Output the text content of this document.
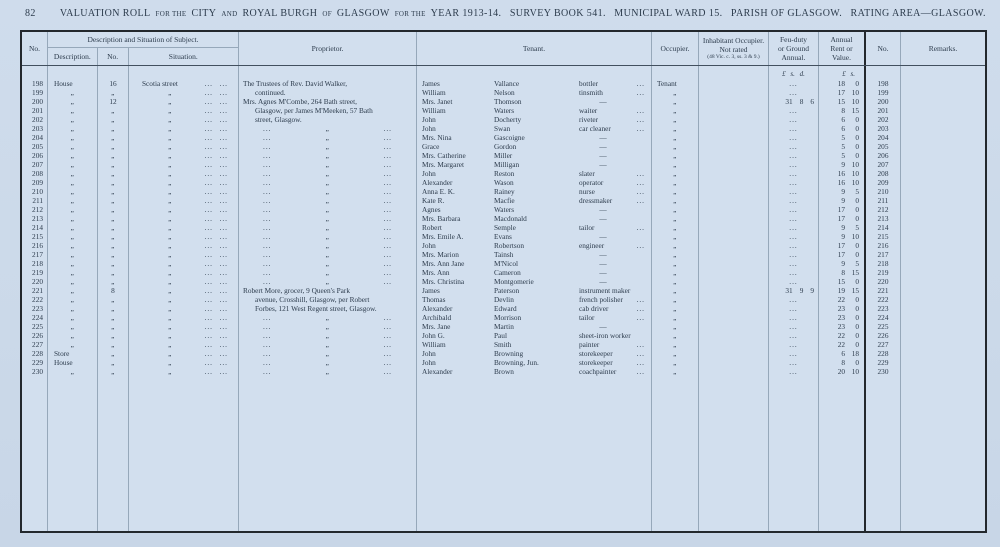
82 VALUATION ROLL FOR THE CITY AND ROYAL BURGH OF GLASGOW FOR THE YEAR 1913-14. SURVEY BOOK 541. MUNICIPAL WARD 15. PARISH OF GLASGOW. RATING AREA—GLASGOW.
No.
Description and Situation of Subject.
Description.	No.	Situation.
Proprietor.	Tenant.	Occupier.
Inhabitant Occupier.
Not rated
(48 Vic. c. 3, ss. 3 & 9.)
Feu-duty
or Ground
Annual.
Annual
Rent or
Value.
No.	Remarks.
£ s. d.	£ s.
198	House	16	Scotia street	... ... The Trustees of Rev. David Walker,	James	Vallance	bottler	...	Tenant	...	18	0	198
199	„	„	„	... ...	continued.	William	Nelson	tinsmith	...	„	...	17 10	199
200	„	12	„	... ... Mrs. Agnes M'Combe, 264 Bath street,	Mrs. Janet	Thomson	—	„	31 8 6	15 10	200
201	„	„	„	... ...	Glasgow, per James M'Meeken, 57 Bath	William	Waters	waiter	...	„	...	8 15	201
202	„	„	„	... ...	street, Glasgow.	John	Docherty	riveter	...	„	...	6	0	202
203	„	„	„	... ...	...	„	...	John	Swan	car cleaner	...	„	...	6	0	203
204	„	„	„	... ...	...	„	...	Mrs. Nina	Gascoigne	—	„	...	5	0	204
205	„	„	„	... ...	...	„	...	Grace	Gordon	—	„	...	5	0	205
206	„	„	„	... ...	...	„	...	Mrs. Catherine	Miller	—	„	...	5	0	206
207	„	„	„	... ...	...	„	...	Mrs. Margaret	Milligan	—	„	...	9 10	207
208	„	„	„	... ...	...	„	...	John	Reston	slater	...	„	...	16 10	208
209	„	„	„	... ...	...	„	...	Alexander	Wason	operator	...	„	...	16 10	209
210	„	„	„	... ...	...	„	...	Anna E. K.	Rainey	nurse	...	„	...	9	5	210
211	„	„	„	... ...	...	„	...	Kate R.	Macfie	dressmaker	...	„	...	9	0	211
212	„	„	„	... ...	...	„	...	Agnes	Waters	—	„	...	17	0	212
213	„	„	„	... ...	...	„	...	Mrs. Barbara	Macdonald	—	„	...	17	0	213
214	„	„	„	... ...	...	„	...	Robert	Semple	tailor	...	„	...	9	5	214
215	„	„	„	... ...	...	„	...	Mrs. Emile A.	Evans	—	„	...	9 10	215
216	„	„	„	... ...	...	„	...	John	Robertson	engineer	...	„	...	17	0	216
217	„	„	„	... ...	...	„	...	Mrs. Marion	Tainsh	—	„	...	17	0	217
218	„	„	„	... ...	...	„	...	Mrs. Ann Jane	M'Nicol	—	„	...	9	5	218
219	„	„	„	... ...	...	„	...	Mrs. Ann	Cameron	—	„	...	8 15	219
220	„	„	„	... ...	...	„	...	Mrs. Christina	Montgomerie	—	„	...	15	0	220
221	„	8	„	... ... Robert More, grocer, 9 Queen's Park	James	Paterson	instrument maker	„	31 9 9	19 15	221
222	„	„	„	... ...	avenue, Crosshill, Glasgow, per Robert	Thomas	Devlin	french polisher	...	„	...	22	0	222
223	„	„	„	... ...	Forbes, 121 West Regent street, Glasgow.	Alexander	Edward	cab driver	...	„	...	23	0	223
224	„	„	„	... ...	...	„	...	Archibald	Morrison	tailor	...	„	...	23	0	224
225	„	„	„	... ...	...	„	...	Mrs. Jane	Martin	—	„	...	23	0	225
226	„	„	„	... ...	...	„	...	John G.	Paul	sheet-iron worker	„	...	22	0	226
227	„	„	„	... ...	...	„	...	William	Smith	painter	...	„	...	22	0	227
228	Store	„	„	... ...	...	„	...	John	Browning	storekeeper	...	„	...	6 18	228
229	House	„	„	... ...	...	„	...	John	Browning, Jun.	storekeeper	...	„	...	8	0	229
230	„	„	„	... ...	...	„	...	Alexander	Brown	coachpainter	...	„	...	20 10	230
